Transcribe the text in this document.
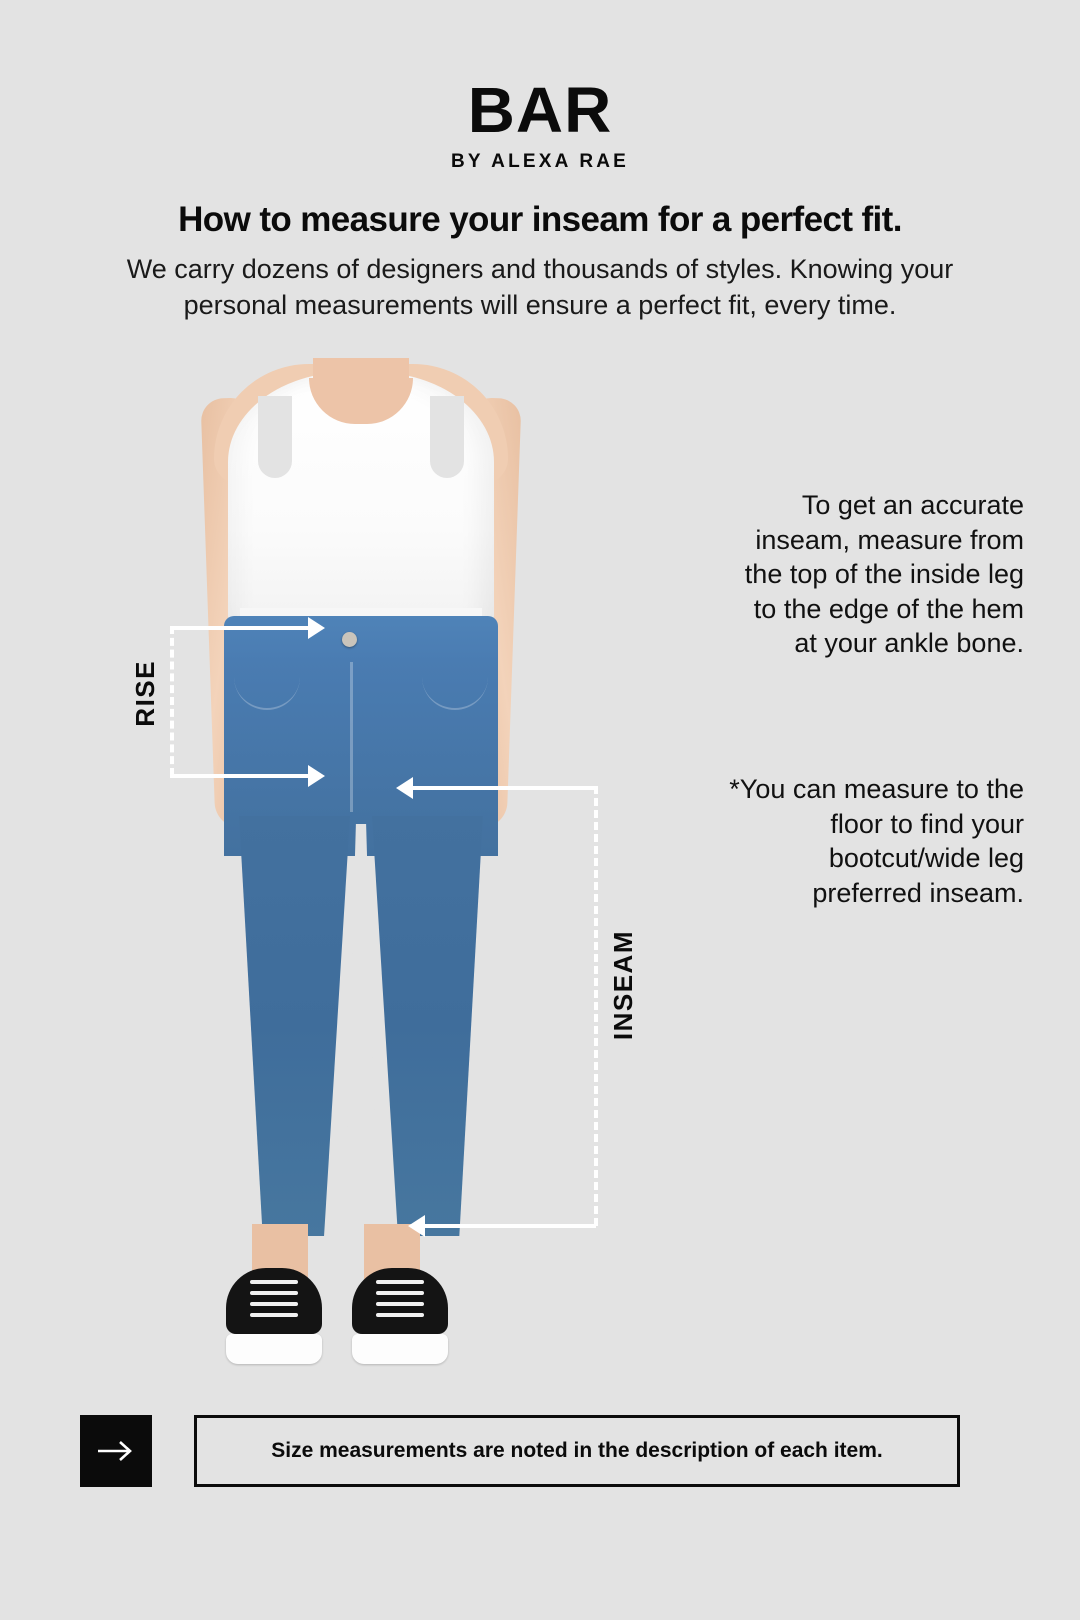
BAR
BY ALEXA RAE
How to measure your inseam for a perfect fit.
We carry dozens of designers and thousands of styles. Knowing your personal measurements will ensure a perfect fit, every time.
RISE
INSEAM
To get an accurate inseam, measure from the top of the inside leg to the edge of the hem at your ankle bone.
*You can measure to the floor to find your bootcut/wide leg preferred inseam.
Size measurements are noted in the description of each item.
